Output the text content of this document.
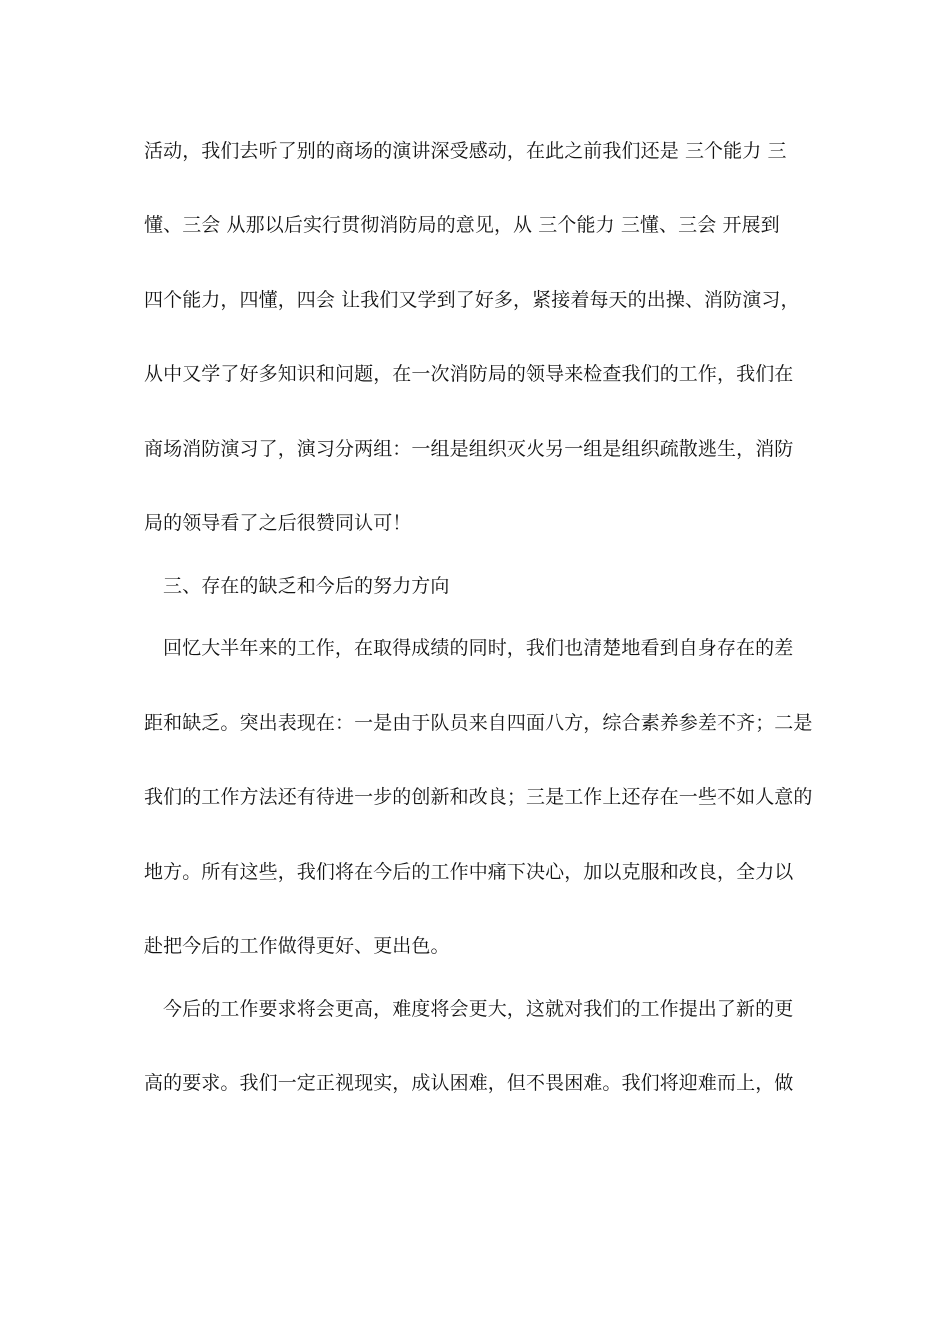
活动，我们去听了别的商场的演讲深受感动，在此之前我们还是 三个能力 三
懂、三会 从那以后实行贯彻消防局的意见，从 三个能力 三懂、三会 开展到
四个能力，四懂，四会 让我们又学到了好多，紧接着每天的出操、消防演习，
从中又学了好多知识和问题，在一次消防局的领导来检查我们的工作，我们在
商场消防演习了，演习分两组：一组是组织灭火另一组是组织疏散逃生，消防
局的领导看了之后很赞同认可！
三、存在的缺乏和今后的努力方向
回忆大半年来的工作，在取得成绩的同时，我们也清楚地看到自身存在的差
距和缺乏。突出表现在：一是由于队员来自四面八方，综合素养参差不齐；二是
我们的工作方法还有待进一步的创新和改良；三是工作上还存在一些不如人意的
地方。所有这些，我们将在今后的工作中痛下决心，加以克服和改良，全力以
赴把今后的工作做得更好、更出色。
今后的工作要求将会更高，难度将会更大，这就对我们的工作提出了新的更
高的要求。我们一定正视现实，成认困难，但不畏困难。我们将迎难而上，做
